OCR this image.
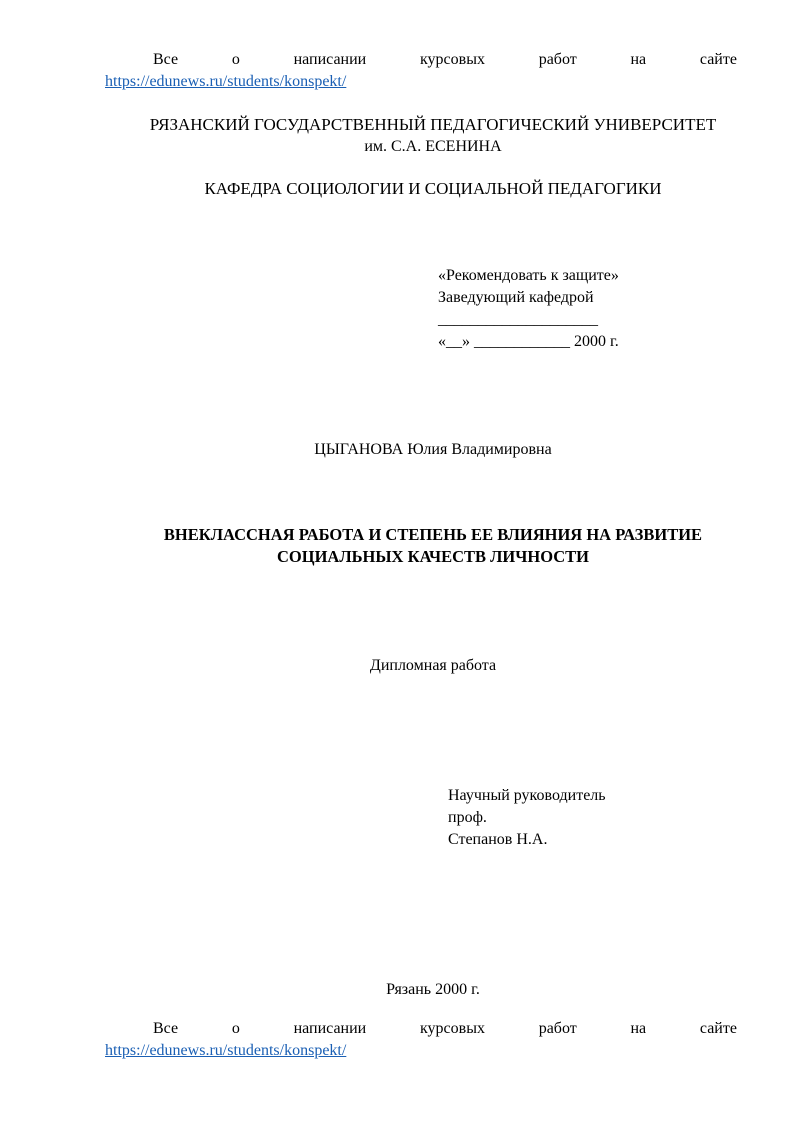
Все	о	написании	курсовых	работ	на	сайте
https://edunews.ru/students/konspekt/
РЯЗАНСКИЙ ГОСУДАРСТВЕННЫЙ ПЕДАГОГИЧЕСКИЙ УНИВЕРСИТЕТ
им. С.А. ЕСЕНИНА
КАФЕДРА СОЦИОЛОГИИ И СОЦИАЛЬНОЙ ПЕДАГОГИКИ
«Рекомендовать к защите»
Заведующий кафедрой
____________________
«__» ____________ 2000 г.
ЦЫГАНОВА Юлия Владимировна
ВНЕКЛАССНАЯ РАБОТА И СТЕПЕНЬ ЕЕ ВЛИЯНИЯ НА РАЗВИТИЕ
СОЦИАЛЬНЫХ КАЧЕСТВ ЛИЧНОСТИ
Дипломная работа
Научный руководитель
проф.
Степанов Н.А.
Рязань 2000 г.
Все	о	написании	курсовых	работ	на	сайте
https://edunews.ru/students/konspekt/
